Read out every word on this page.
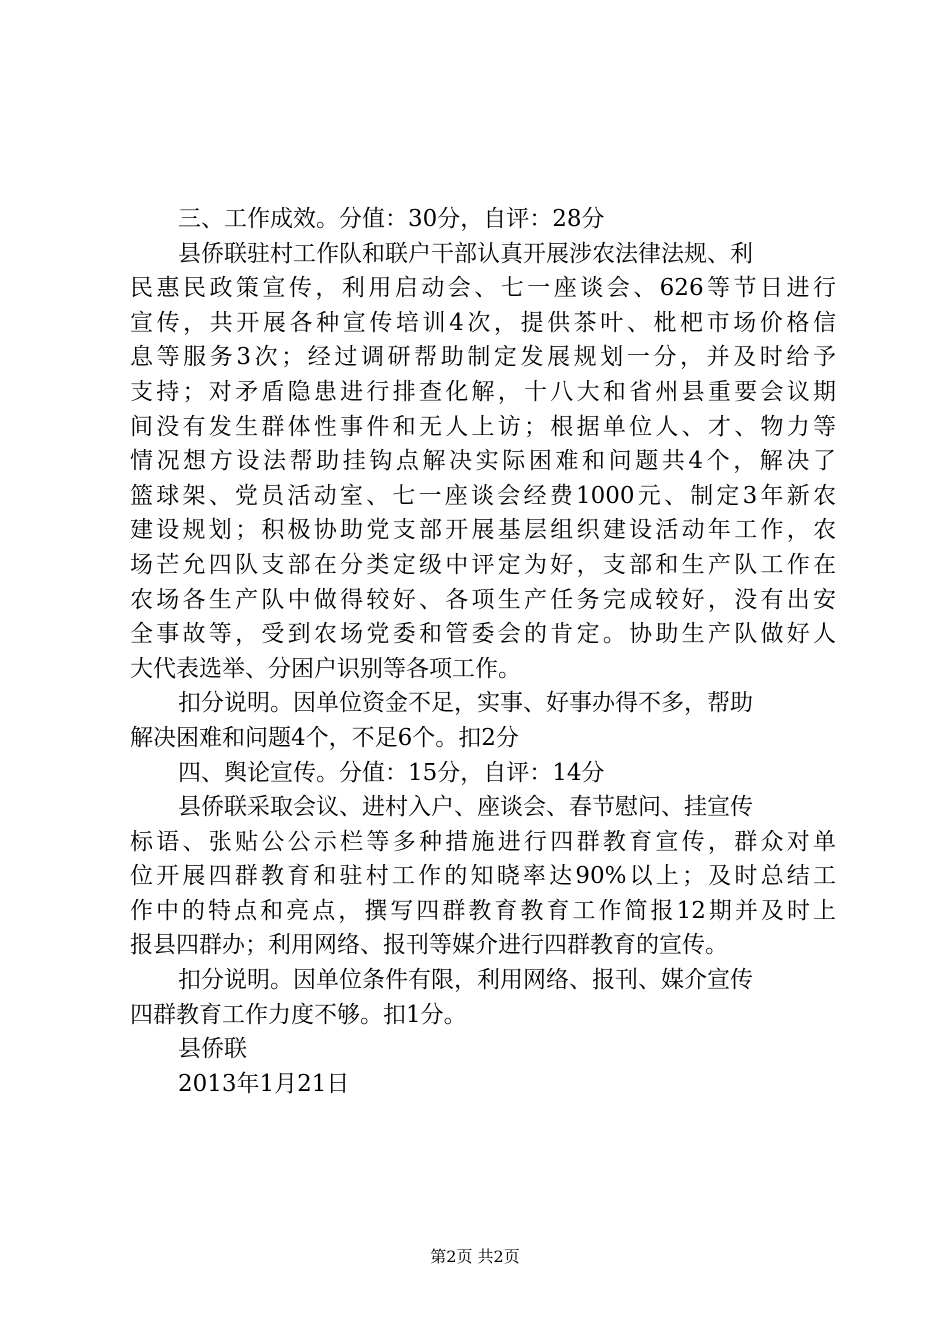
三、工作成效。分值：30分，自评：28分
县侨联驻村工作队和联户干部认真开展涉农法律法规、利
民惠民政策宣传，利用启动会、七一座谈会、626等节日进行
宣传，共开展各种宣传培训4次，提供茶叶、枇杷市场价格信
息等服务3次；经过调研帮助制定发展规划一分，并及时给予
支持；对矛盾隐患进行排查化解，十八大和省州县重要会议期
间没有发生群体性事件和无人上访；根据单位人、才、物力等
情况想方设法帮助挂钩点解决实际困难和问题共4个，解决了
篮球架、党员活动室、七一座谈会经费1000元、制定3年新农
建设规划；积极协助党支部开展基层组织建设活动年工作，农
场芒允四队支部在分类定级中评定为好，支部和生产队工作在
农场各生产队中做得较好、各项生产任务完成较好，没有出安
全事故等，受到农场党委和管委会的肯定。协助生产队做好人
大代表选举、分困户识别等各项工作。
扣分说明。因单位资金不足，实事、好事办得不多，帮助
解决困难和问题4个，不足6个。扣2分
四、舆论宣传。分值：15分，自评：14分
县侨联采取会议、进村入户、座谈会、春节慰问、挂宣传
标语、张贴公公示栏等多种措施进行四群教育宣传，群众对单
位开展四群教育和驻村工作的知晓率达90%以上；及时总结工
作中的特点和亮点，撰写四群教育教育工作简报12期并及时上
报县四群办；利用网络、报刊等媒介进行四群教育的宣传。
扣分说明。因单位条件有限，利用网络、报刊、媒介宣传
四群教育工作力度不够。扣1分。
县侨联
2013年1月21日
第2页 共2页
